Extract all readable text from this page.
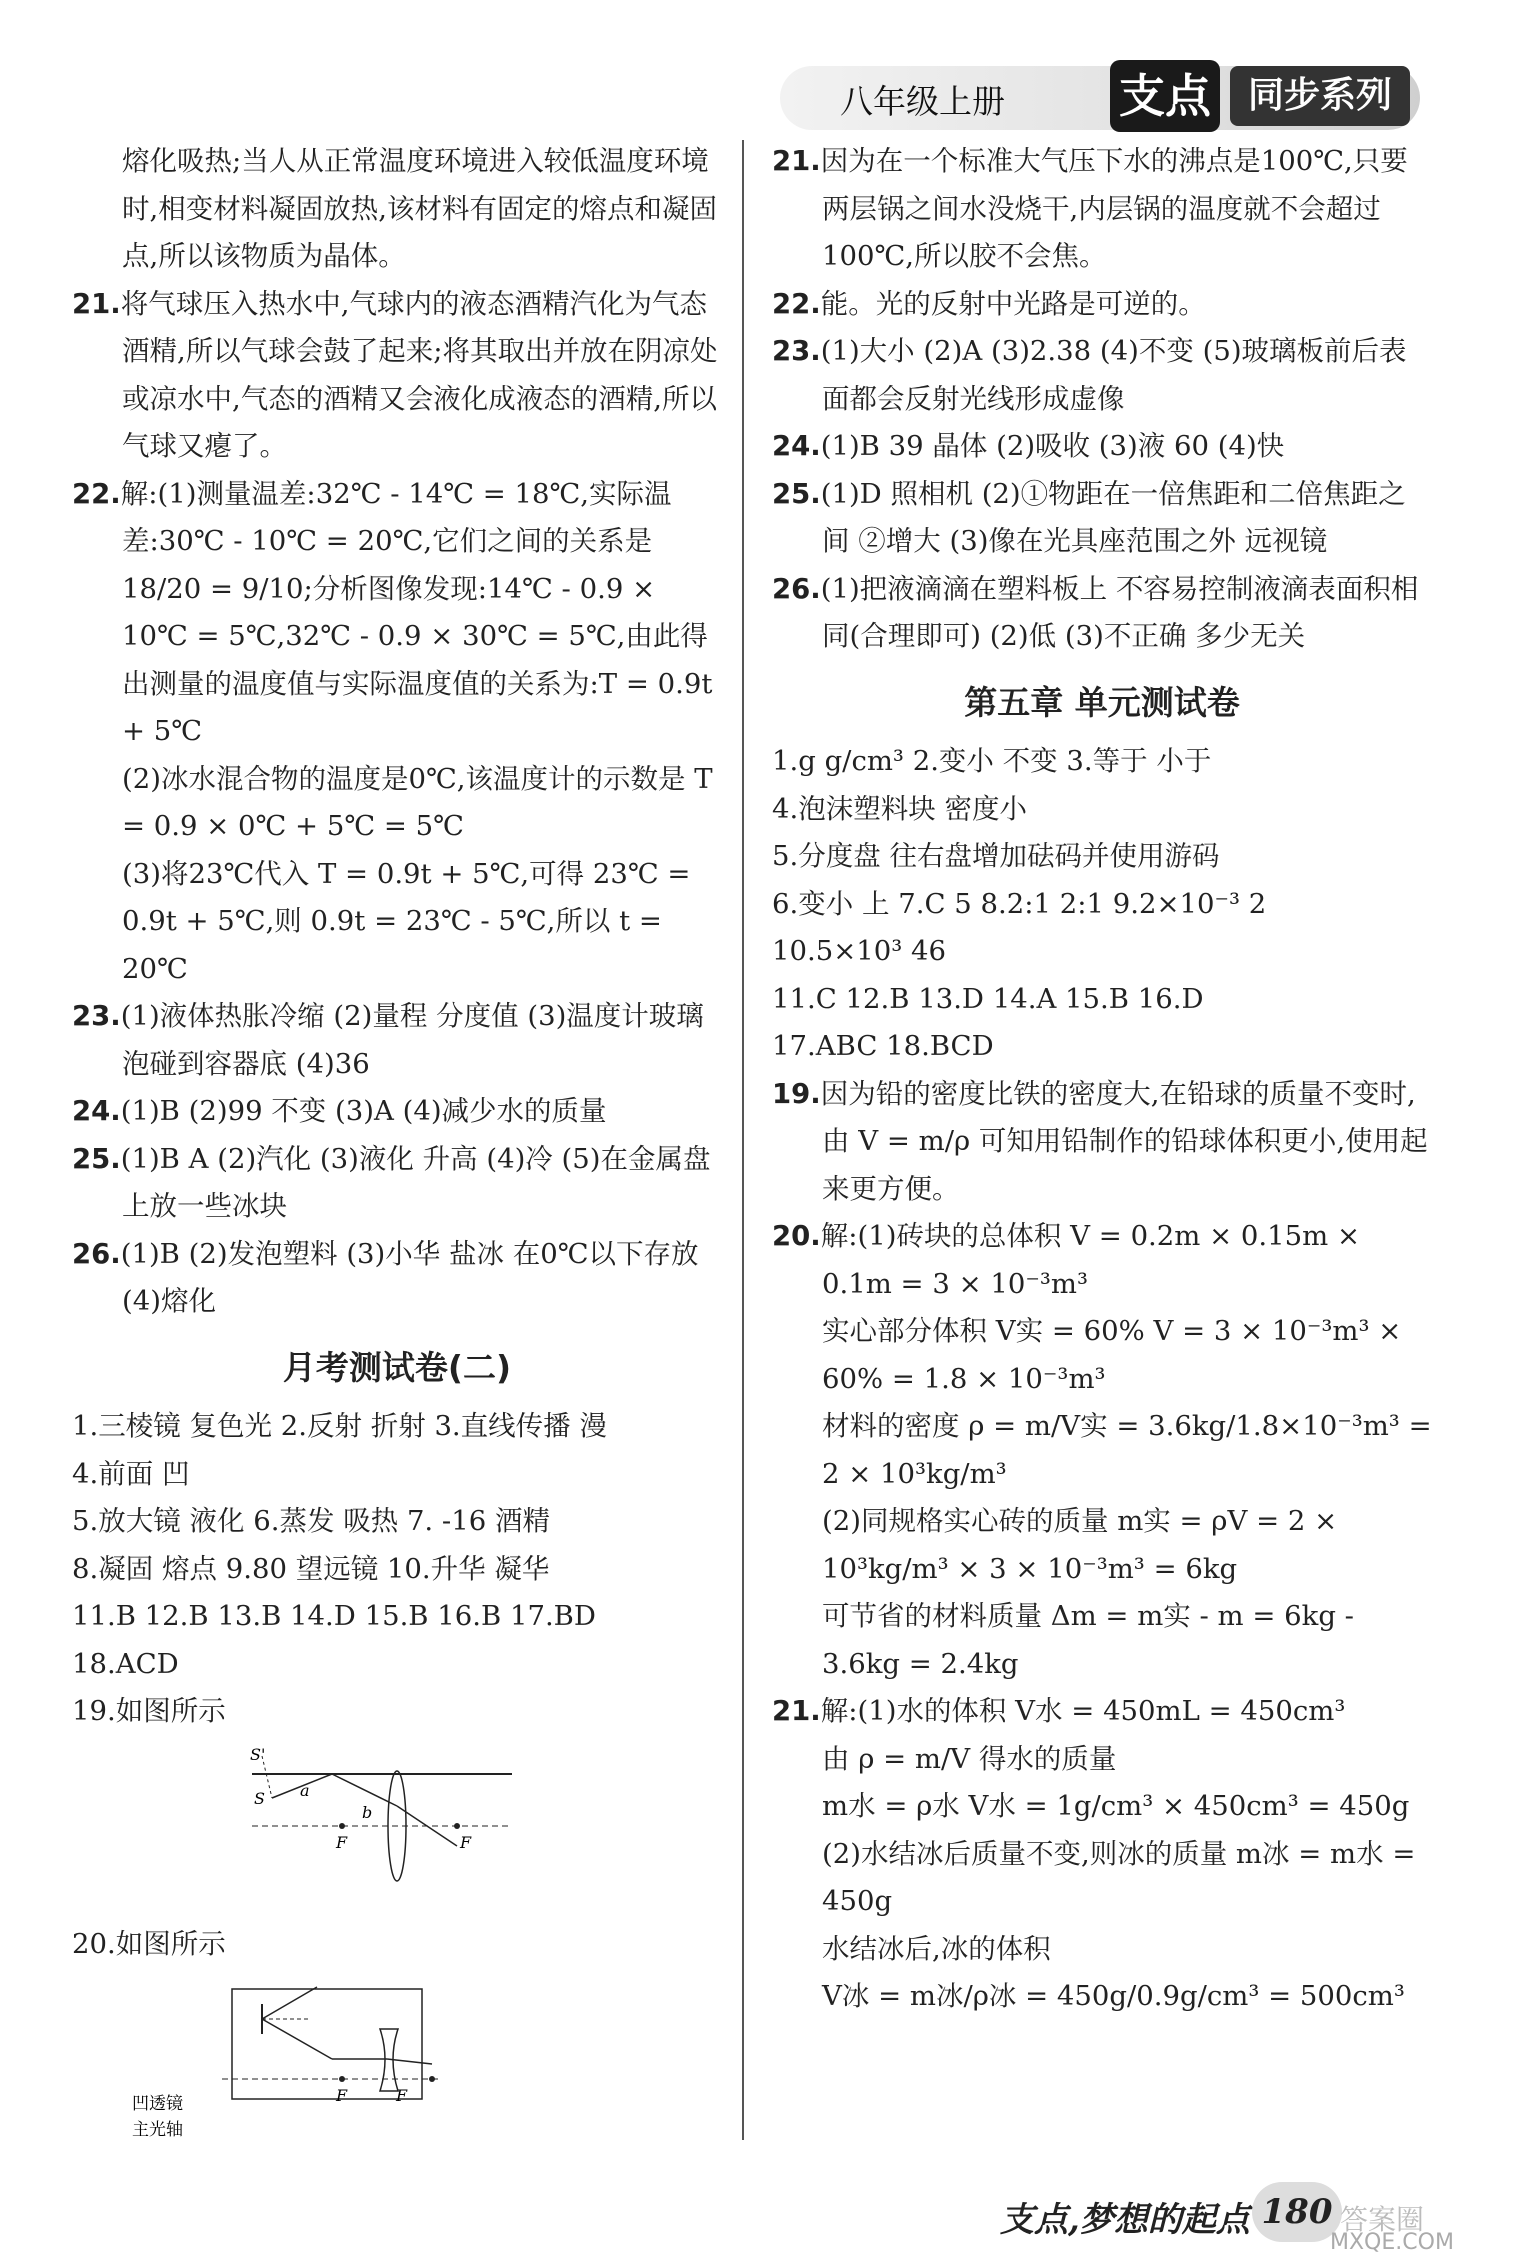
八年级上册 支点	同步系列

熔化吸热;当人从正常温度环境进入较低温度环境时,相变材料凝固放热,该材料有固定的熔点和凝固点,所以该物质为晶体。

21.将气球压入热水中,气球内的液态酒精汽化为气态酒精,所以气球会鼓了起来;将其取出并放在阴凉处或凉水中,气态的酒精又会液化成液态的酒精,所以气球又瘪了。

22.解:(1)测量温差:32℃ - 14℃ = 18℃,实际温差:30℃ - 10℃ = 20℃,它们之间的关系是18/20 = 9/10;分析图像发现:14℃ - 0.9 × 10℃ = 5℃,32℃ - 0.9 × 30℃ = 5℃,由此得出测量的温度值与实际温度值的关系为:T = 0.9t + 5℃

(2)冰水混合物的温度是0℃,该温度计的示数是 T = 0.9 × 0℃ + 5℃ = 5℃

(3)将23℃代入 T = 0.9t + 5℃,可得 23℃ = 0.9t + 5℃,则 0.9t = 23℃ - 5℃,所以 t = 20℃

23.(1)液体热胀冷缩 (2)量程 分度值 (3)温度计玻璃泡碰到容器底 (4)36

24.(1)B (2)99 不变 (3)A (4)减少水的质量

25.(1)B A (2)汽化 (3)液化 升高 (4)冷 (5)在金属盘上放一些冰块

26.(1)B (2)发泡塑料 (3)小华 盐冰 在0℃以下存放 (4)熔化

月考测试卷(二)

1.三棱镜 复色光 2.反射 折射 3.直线传播 漫

4.前面 凹

5.放大镜 液化 6.蒸发 吸热 7. -16 酒精

8.凝固 熔点 9.80 望远镜 10.升华 凝华

11.B 12.B 13.B 14.D 15.B 16.B 17.BD

18.ACD

19.如图所示

S'
S a
b
F	F

20.如图所示

F	F
凹透镜
主光轴

21.因为在一个标准大气压下水的沸点是100℃,只要两层锅之间水没烧干,内层锅的温度就不会超过100℃,所以胶不会焦。

22.能。光的反射中光路是可逆的。

23.(1)大小 (2)A (3)2.38 (4)不变 (5)玻璃板前后表面都会反射光线形成虚像

24.(1)B 39 晶体 (2)吸收 (3)液 60 (4)快

25.(1)D 照相机 (2)①物距在一倍焦距和二倍焦距之间 ②增大 (3)像在光具座范围之外 远视镜

26.(1)把液滴滴在塑料板上 不容易控制液滴表面积相同(合理即可) (2)低 (3)不正确 多少无关

第五章 单元测试卷

1.g g/cm³ 2.变小 不变 3.等于 小于

4.泡沫塑料块 密度小

5.分度盘 往右盘增加砝码并使用游码

6.变小 上 7.C 5 8.2:1 2:1 9.2×10⁻³ 2

10.5×10³ 46

11.C 12.B 13.D 14.A 15.B 16.D

17.ABC 18.BCD

19.因为铅的密度比铁的密度大,在铅球的质量不变时,由 V = m/ρ 可知用铅制作的铅球体积更小,使用起来更方便。

20.解:(1)砖块的总体积 V = 0.2m × 0.15m × 0.1m = 3 × 10⁻³m³

实心部分体积 V实 = 60% V = 3 × 10⁻³m³ × 60% = 1.8 × 10⁻³m³

材料的密度 ρ = m/V实 = 3.6kg/1.8×10⁻³m³ = 2 × 10³kg/m³

(2)同规格实心砖的质量 m实 = ρV = 2 × 10³kg/m³ × 3 × 10⁻³m³ = 6kg

可节省的材料质量 Δm = m实 - m = 6kg - 3.6kg = 2.4kg

21.解:(1)水的体积 V水 = 450mL = 450cm³

由 ρ = m/V 得水的质量

m水 = ρ水 V水 = 1g/cm³ × 450cm³ = 450g

(2)水结冰后质量不变,则冰的质量 m冰 = m水 = 450g

水结冰后,冰的体积

V冰 = m冰/ρ冰 = 450g/0.9g/cm³ = 500cm³

支点,梦想的起点 180 答案圈
MXQE.COM
